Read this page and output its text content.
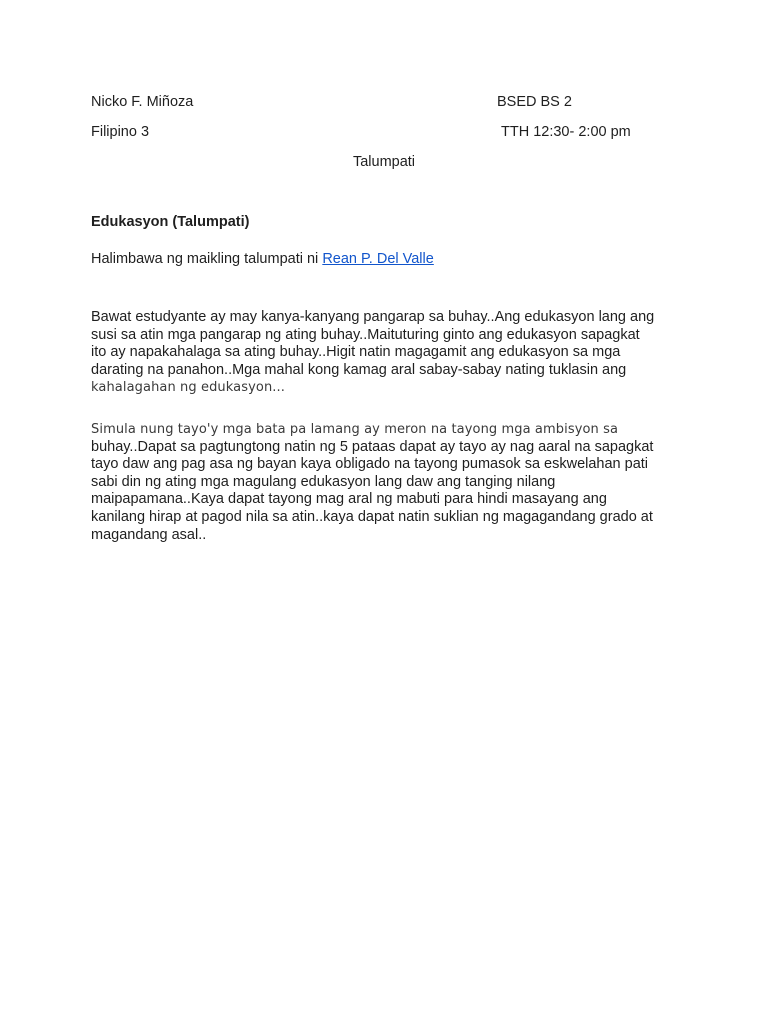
Nicko F. Miñoza	BSED BS 2
Filipino 3	TTH 12:30- 2:00 pm
Talumpati
Edukasyon (Talumpati)
Halimbawa ng maikling talumpati ni Rean P. Del Valle
Bawat estudyante ay may kanya-kanyang pangarap sa buhay..Ang edukasyon lang ang
susi sa atin mga pangarap ng ating buhay..Maituturing ginto ang edukasyon sapagkat
ito ay napakahalaga sa ating buhay..Higit natin magagamit ang edukasyon sa mga
darating na panahon..Mga mahal kong kamag aral sabay-sabay nating tuklasin ang
kahalagahan ng edukasyon...
Simula nung tayo'y mga bata pa lamang ay meron na tayong mga ambisyon sa
buhay..Dapat sa pagtungtong natin ng 5 pataas dapat ay tayo ay nag aaral na sapagkat
tayo daw ang pag asa ng bayan kaya obligado na tayong pumasok sa eskwelahan pati
sabi din ng ating mga magulang edukasyon lang daw ang tanging nilang
maipapamana..Kaya dapat tayong mag aral ng mabuti para hindi masayang ang
kanilang hirap at pagod nila sa atin..kaya dapat natin suklian ng magagandang grado at
magandang asal..
